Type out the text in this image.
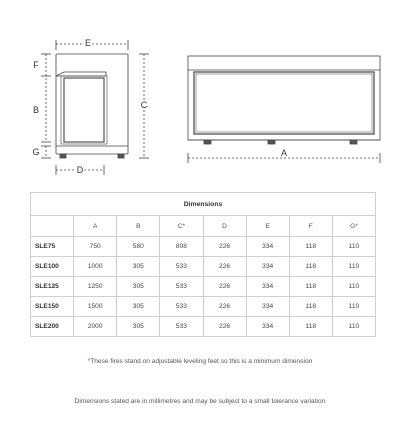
E
F
B
G
C
D
A
Dimensions							
	A	B	C*	D	E	F	G*
SLE75	750	580	808	226	334	118	110
SLE100	1000	305	533	226	334	118	110
SLE125	1250	305	533	226	334	118	110
SLE150	1500	305	533	226	334	118	110
SLE200	2000	305	533	226	334	118	110
*These fires stand on adjustable leveling feet so this is a minimum dimension
Dimensions stated are in millimetres and may be subject to a small tolerance variation
